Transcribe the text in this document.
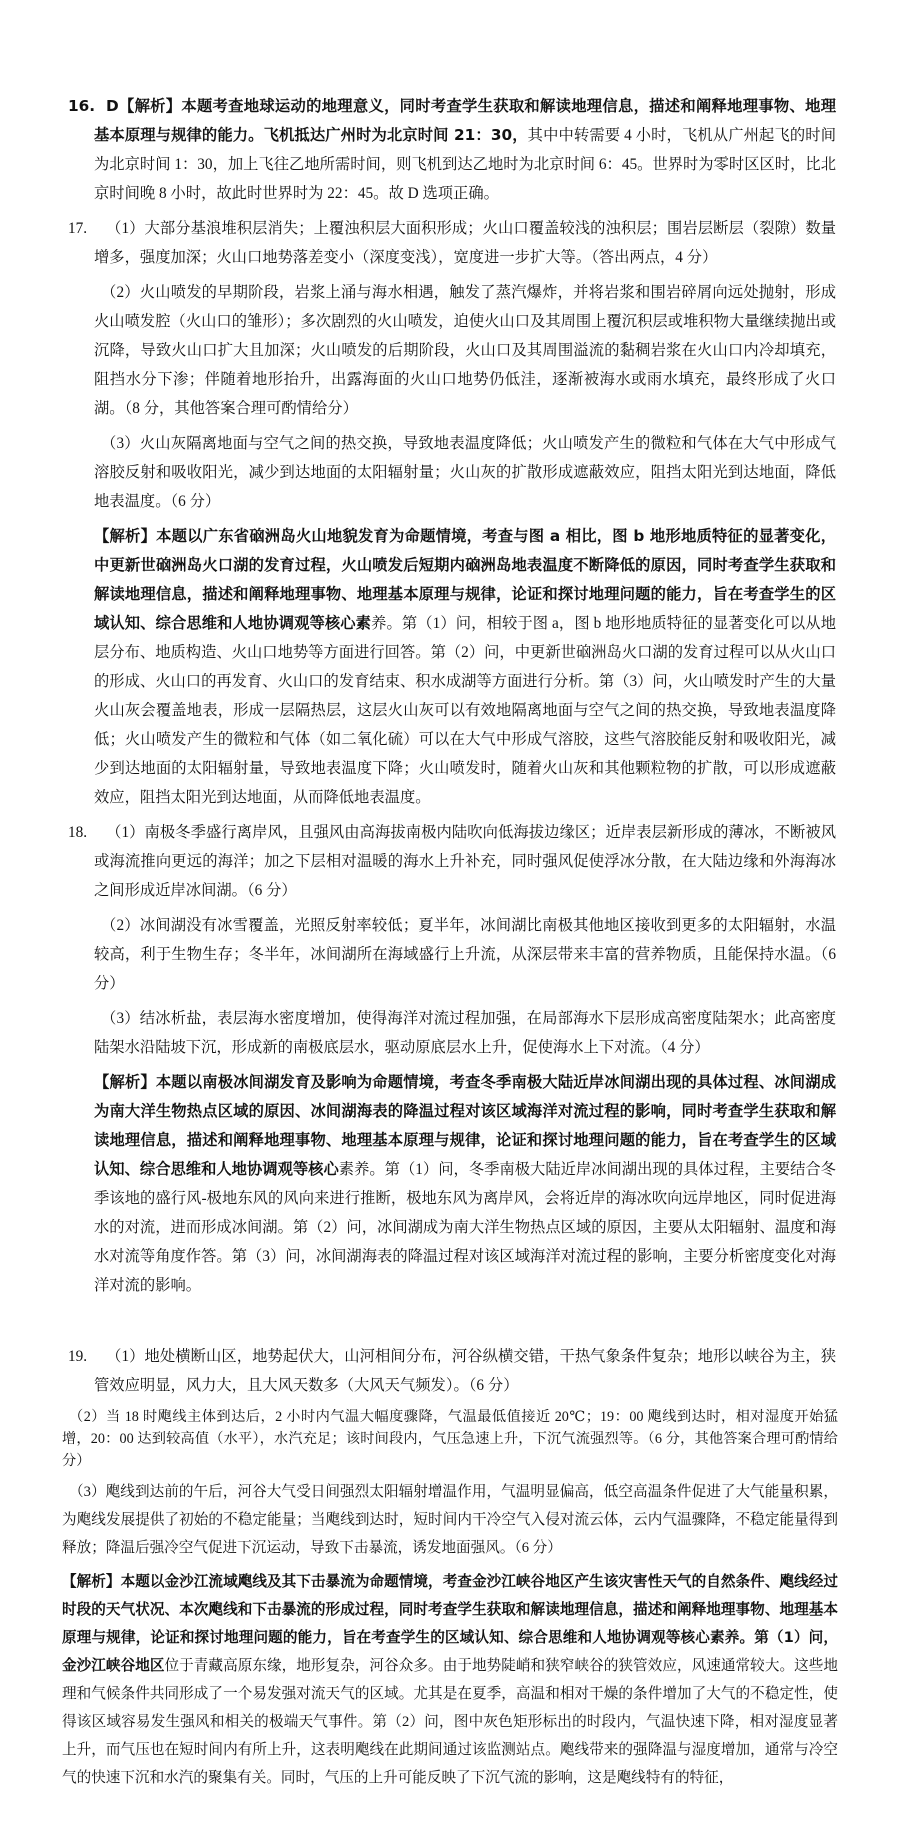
16. D【解析】本题考查地球运动的地理意义，同时考查学生获取和解读地理信息，描述和阐释地理事物、地理基本原理与规律的能力。飞机抵达广州时为北京时间 21：30，其中中转需要 4 小时，飞机从广州起飞的时间为北京时间 1：30，加上飞往乙地所需时间，则飞机到达乙地时为北京时间 6：45。世界时为零时区区时，比北京时间晚 8 小时，故此时世界时为 22：45。故 D 选项正确。

17. （1）大部分基浪堆积层消失；上覆浊积层大面积形成；火山口覆盖较浅的浊积层；围岩层断层（裂隙）数量增多，强度加深；火山口地势落差变小（深度变浅），宽度进一步扩大等。（答出两点，4 分）

（2）火山喷发的早期阶段，岩浆上涌与海水相遇，触发了蒸汽爆炸，并将岩浆和围岩碎屑向远处抛射，形成火山喷发腔（火山口的雏形）；多次剧烈的火山喷发，迫使火山口及其周围上覆沉积层或堆积物大量继续抛出或沉降，导致火山口扩大且加深；火山喷发的后期阶段，火山口及其周围溢流的黏稠岩浆在火山口内冷却填充，阻挡水分下渗；伴随着地形抬升，出露海面的火山口地势仍低洼，逐渐被海水或雨水填充，最终形成了火口湖。（8 分，其他答案合理可酌情给分）

（3）火山灰隔离地面与空气之间的热交换，导致地表温度降低；火山喷发产生的微粒和气体在大气中形成气溶胶反射和吸收阳光，减少到达地面的太阳辐射量；火山灰的扩散形成遮蔽效应，阻挡太阳光到达地面，降低地表温度。（6 分）

【解析】本题以广东省硇洲岛火山地貌发育为命题情境，考查与图 a 相比，图 b 地形地质特征的显著变化，中更新世硇洲岛火口湖的发育过程，火山喷发后短期内硇洲岛地表温度不断降低的原因，同时考查学生获取和解读地理信息，描述和阐释地理事物、地理基本原理与规律，论证和探讨地理问题的能力，旨在考查学生的区域认知、综合思维和人地协调观等核心素养。第（1）问，相较于图 a，图 b 地形地质特征的显著变化可以从地层分布、地质构造、火山口地势等方面进行回答。第（2）问，中更新世硇洲岛火口湖的发育过程可以从火山口的形成、火山口的再发育、火山口的发育结束、积水成湖等方面进行分析。第（3）问，火山喷发时产生的大量火山灰会覆盖地表，形成一层隔热层，这层火山灰可以有效地隔离地面与空气之间的热交换，导致地表温度降低；火山喷发产生的微粒和气体（如二氧化硫）可以在大气中形成气溶胶，这些气溶胶能反射和吸收阳光，减少到达地面的太阳辐射量，导致地表温度下降；火山喷发时，随着火山灰和其他颗粒物的扩散，可以形成遮蔽效应，阻挡太阳光到达地面，从而降低地表温度。

18. （1）南极冬季盛行离岸风，且强风由高海拔南极内陆吹向低海拔边缘区；近岸表层新形成的薄冰，不断被风或海流推向更远的海洋；加之下层相对温暖的海水上升补充，同时强风促使浮冰分散，在大陆边缘和外海海冰之间形成近岸冰间湖。（6 分）

（2）冰间湖没有冰雪覆盖，光照反射率较低；夏半年，冰间湖比南极其他地区接收到更多的太阳辐射，水温较高，利于生物生存；冬半年，冰间湖所在海域盛行上升流，从深层带来丰富的营养物质，且能保持水温。（6 分）

（3）结冰析盐，表层海水密度增加，使得海洋对流过程加强，在局部海水下层形成高密度陆架水；此高密度陆架水沿陆坡下沉，形成新的南极底层水，驱动原底层水上升，促使海水上下对流。（4 分）

【解析】本题以南极冰间湖发育及影响为命题情境，考查冬季南极大陆近岸冰间湖出现的具体过程、冰间湖成为南大洋生物热点区域的原因、冰间湖海表的降温过程对该区域海洋对流过程的影响，同时考查学生获取和解读地理信息，描述和阐释地理事物、地理基本原理与规律，论证和探讨地理问题的能力，旨在考查学生的区域认知、综合思维和人地协调观等核心素养。第（1）问，冬季南极大陆近岸冰间湖出现的具体过程，主要结合冬季该地的盛行风-极地东风的风向来进行推断，极地东风为离岸风，会将近岸的海冰吹向远岸地区，同时促进海水的对流，进而形成冰间湖。第（2）问，冰间湖成为南大洋生物热点区域的原因，主要从太阳辐射、温度和海水对流等角度作答。第（3）问，冰间湖海表的降温过程对该区域海洋对流过程的影响，主要分析密度变化对海洋对流的影响。

19. （1）地处横断山区，地势起伏大，山河相间分布，河谷纵横交错，干热气象条件复杂；地形以峡谷为主，狭管效应明显，风力大，且大风天数多（大风天气频发）。（6 分）

（2）当 18 时飑线主体到达后，2 小时内气温大幅度骤降，气温最低值接近 20℃；19：00 飑线到达时，相对湿度开始猛增，20：00 达到较高值（水平），水汽充足；该时间段内，气压急速上升，下沉气流强烈等。（6 分，其他答案合理可酌情给分）

（3）飑线到达前的午后，河谷大气受日间强烈太阳辐射增温作用，气温明显偏高，低空高温条件促进了大气能量积累，为飑线发展提供了初始的不稳定能量；当飑线到达时，短时间内干冷空气入侵对流云体，云内气温骤降，不稳定能量得到释放；降温后强冷空气促进下沉运动，导致下击暴流，诱发地面强风。（6 分）

【解析】本题以金沙江流域飑线及其下击暴流为命题情境，考查金沙江峡谷地区产生该灾害性天气的自然条件、飑线经过时段的天气状况、本次飑线和下击暴流的形成过程，同时考查学生获取和解读地理信息，描述和阐释地理事物、地理基本原理与规律，论证和探讨地理问题的能力，旨在考查学生的区域认知、综合思维和人地协调观等核心素养。第（1）问，金沙江峡谷地区位于青藏高原东缘，地形复杂，河谷众多。由于地势陡峭和狭窄峡谷的狭管效应，风速通常较大。这些地理和气候条件共同形成了一个易发强对流天气的区域。尤其是在夏季，高温和相对干燥的条件增加了大气的不稳定性，使得该区域容易发生强风和相关的极端天气事件。第（2）问，图中灰色矩形标出的时段内，气温快速下降，相对湿度显著上升，而气压也在短时间内有所上升，这表明飑线在此期间通过该监测站点。飑线带来的强降温与湿度增加，通常与冷空气的快速下沉和水汽的聚集有关。同时，气压的上升可能反映了下沉气流的影响，这是飑线特有的特征，
